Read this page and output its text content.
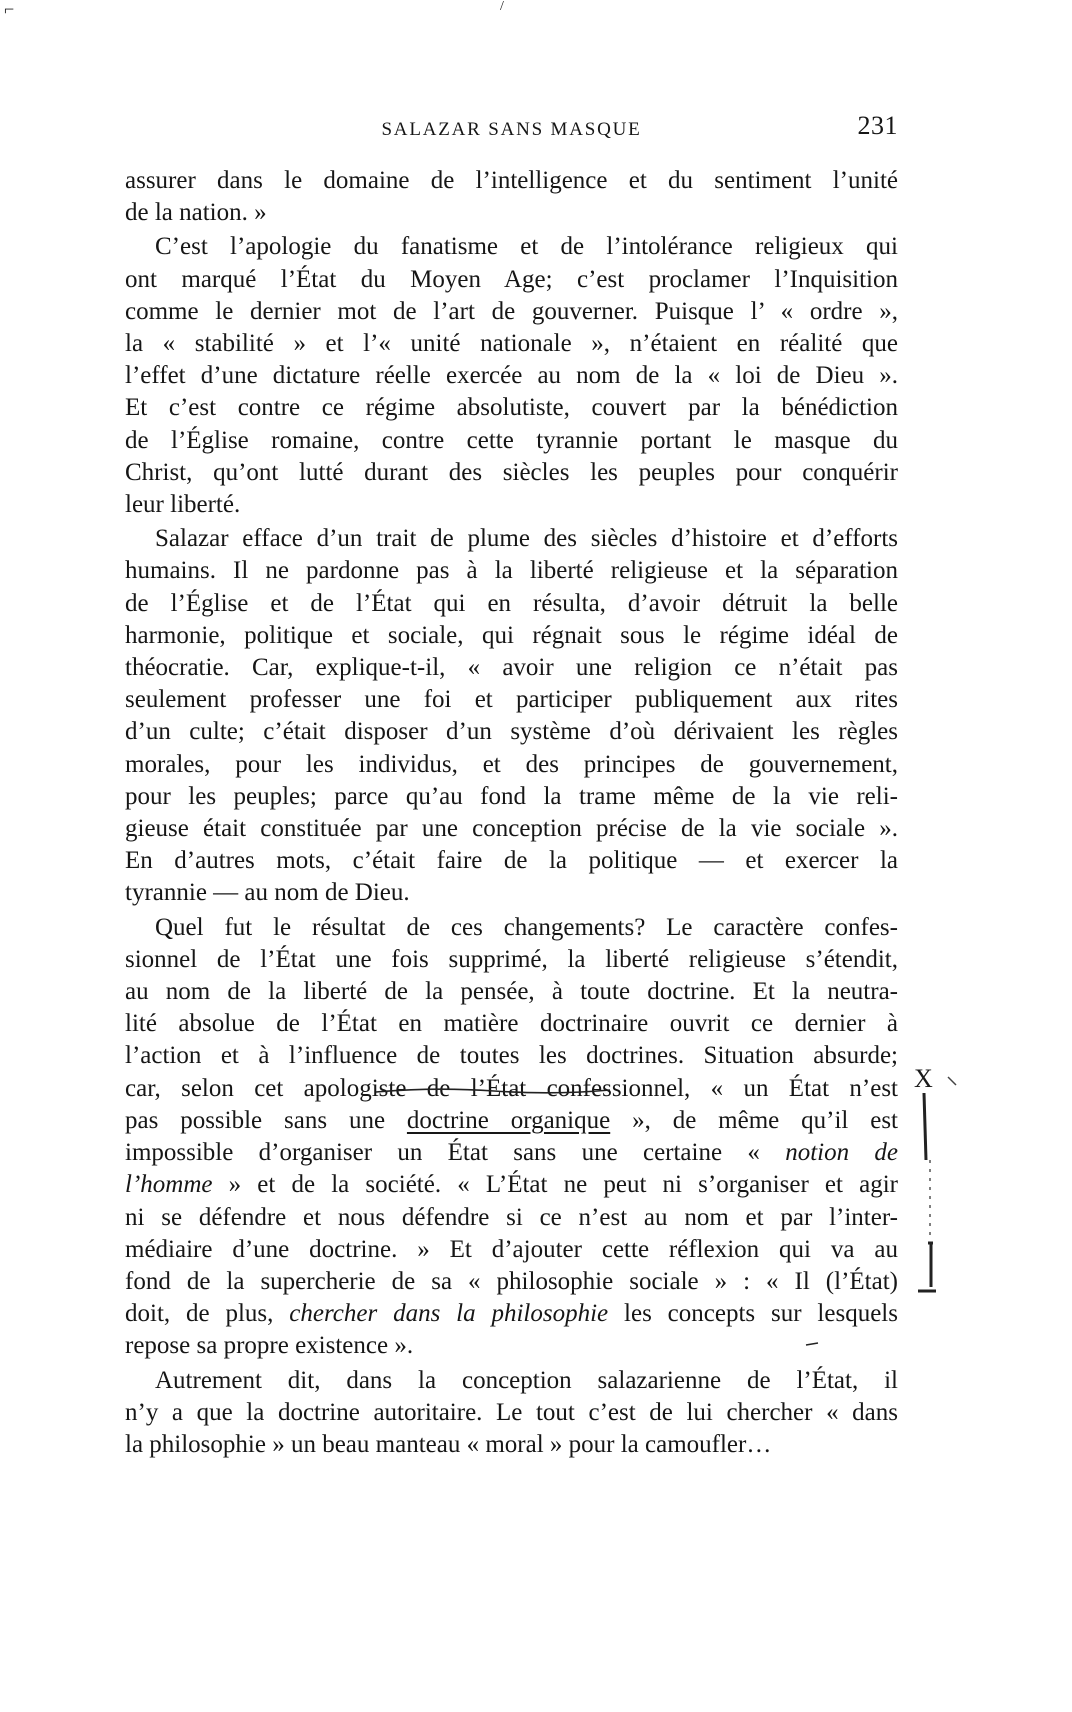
⌐	/
SALAZAR SANS MASQUE	231
assurer dans le domaine de l’intelligence et du sentiment l’unité
de la nation. »
C’est l’apologie du fanatisme et de l’intolérance religieux qui
ont marqué l’État du Moyen Age; c’est proclamer l’Inquisition
comme le dernier mot de l’art de gouverner. Puisque l’ « ordre »,
la « stabilité » et l’« unité nationale », n’étaient en réalité que
l’effet d’une dictature réelle exercée au nom de la « loi de Dieu ».
Et c’est contre ce régime absolutiste, couvert par la bénédiction
de l’Église romaine, contre cette tyrannie portant le masque du
Christ, qu’ont lutté durant des siècles les peuples pour conquérir
leur liberté.
Salazar efface d’un trait de plume des siècles d’histoire et d’efforts
humains. Il ne pardonne pas à la liberté religieuse et la séparation
de l’Église et de l’État qui en résulta, d’avoir détruit la belle
harmonie, politique et sociale, qui régnait sous le régime idéal de
théocratie. Car, explique-t-il, « avoir une religion ce n’était pas
seulement professer une foi et participer publiquement aux rites
d’un culte; c’était disposer d’un système d’où dérivaient les règles
morales, pour les individus, et des principes de gouvernement,
pour les peuples; parce qu’au fond la trame même de la vie reli-
gieuse était constituée par une conception précise de la vie sociale ».
En d’autres mots, c’était faire de la politique — et exercer la
tyrannie — au nom de Dieu.
Quel fut le résultat de ces changements? Le caractère confes-
sionnel de l’État une fois supprimé, la liberté religieuse s’étendit,
au nom de la liberté de la pensée, à toute doctrine. Et la neutra-
lité absolue de l’État en matière doctrinaire ouvrit ce dernier à
l’action et à l’influence de toutes les doctrines. Situation absurde;
car, selon cet apologiste de l’État confessionnel, « un État n’est
pas possible sans une doctrine organique », de même qu’il est
impossible d’organiser un État sans une certaine « notion de
l’homme » et de la société. « L’État ne peut ni s’organiser et agir
ni se défendre et nous défendre si ce n’est au nom et par l’inter-
médiaire d’une doctrine. » Et d’ajouter cette réflexion qui va au
fond de la supercherie de sa « philosophie sociale » : « Il (l’État)
doit, de plus, chercher dans la philosophie les concepts sur lesquels
repose sa propre existence ».
Autrement dit, dans la conception salazarienne de l’État, il
n’y a que la doctrine autoritaire. Le tout c’est de lui chercher « dans
la philosophie » un beau manteau « moral » pour la camoufler…
X
